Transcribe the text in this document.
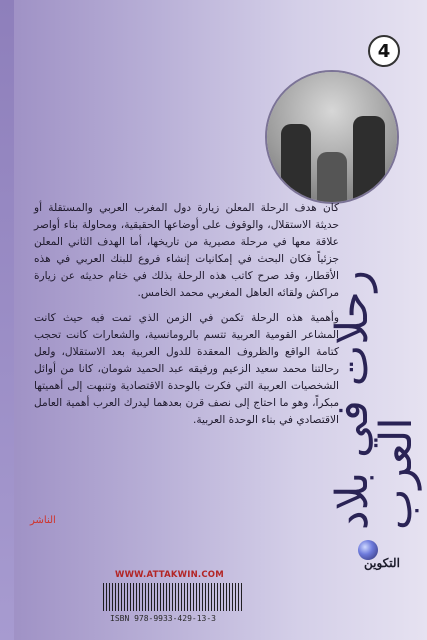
4
رحلات في بلاد العرب

كان هدف الرحلة المعلن زيارة دول المغرب العربي والمستقلة أو حديثة الاستقلال، والوقوف على أوضاعها الحقيقية، ومحاولة بناء أواصر علاقة معها في مرحلة مصيرية من تاريخها، أما الهدف الثاني المعلن جزئياً فكان البحث في إمكانيات إنشاء فروع للبنك العربي في هذه الأقطار، وقد صرح كاتب هذه الرحلة بذلك في ختام حديثه عن زيارة مراكش ولقائه العاهل المغربي محمد الخامس.

وأهمية هذه الرحلة تكمن في الزمن الذي تمت فيه حيث كانت المشاعر القومية العربية تتسم بالرومانسية، والشعارات كانت تحجب كتامة الواقع والظروف المعقدة للدول العربية بعد الاستقلال، ولعل رحالتنا محمد سعيد الزعيم ورفيقه عبد الحميد شومان، كانا من أوائل الشخصيات العربية التي فكرت بالوحدة الاقتصادية وتنبهت إلى أهميتها مبكراً، وهو ما احتاج إلى نصف قرن بعدهما ليدرك العرب أهمية العامل الاقتصادي في بناء الوحدة العربية.

الناشر
التكوين
WWW.ATTAKWIN.COM
ISBN 978-9933-429-13-3
